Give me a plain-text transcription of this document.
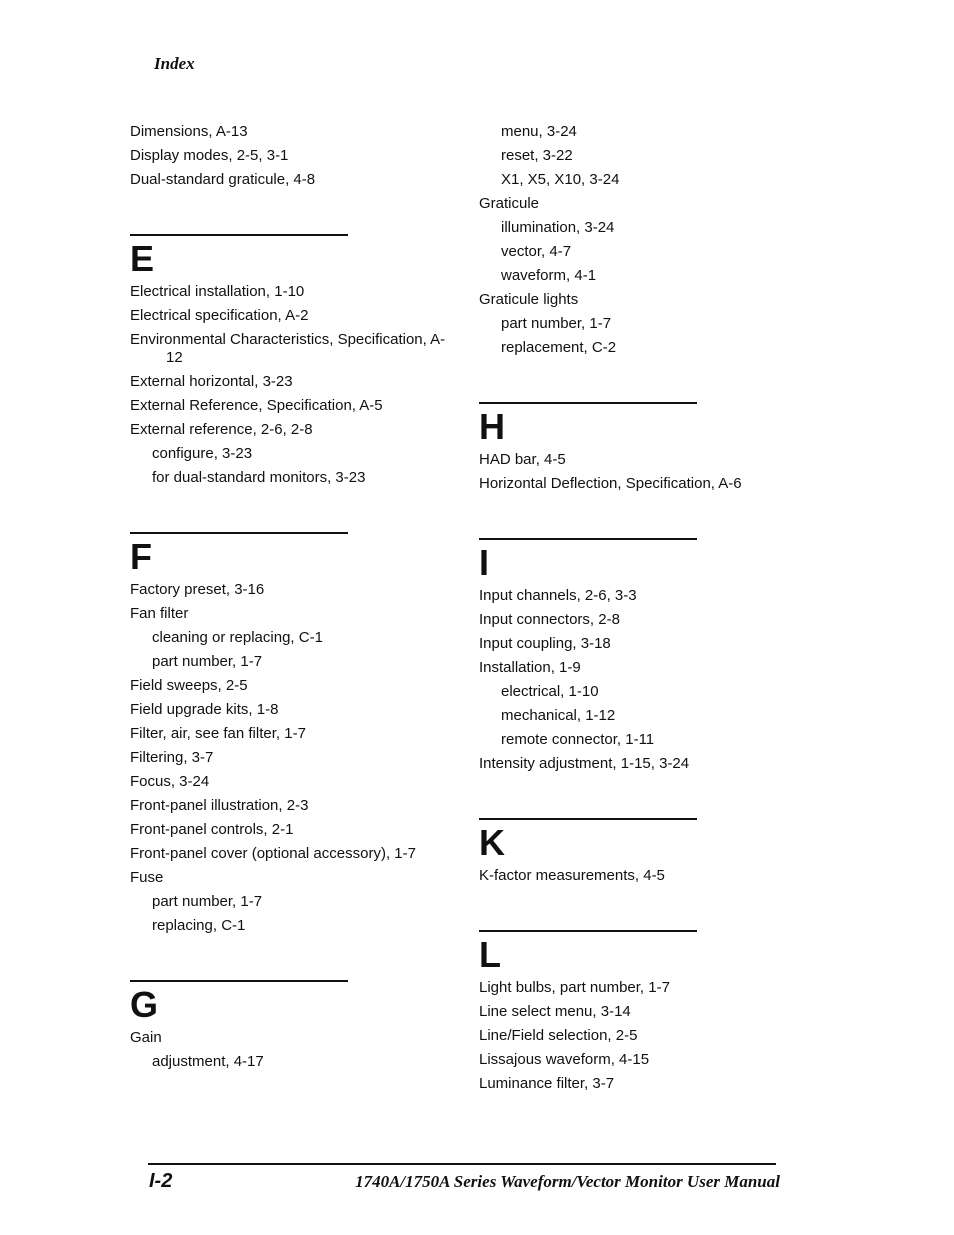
Index
Dimensions, A-13
Display modes, 2-5, 3-1
Dual-standard graticule, 4-8
E
Electrical installation, 1-10
Electrical specification, A-2
Environmental Characteristics, Specification, A-12
External horizontal, 3-23
External Reference, Specification, A-5
External reference, 2-6, 2-8
configure, 3-23
for dual-standard monitors, 3-23
F
Factory preset, 3-16
Fan filter
cleaning or replacing, C-1
part number, 1-7
Field sweeps, 2-5
Field upgrade kits, 1-8
Filter, air, see fan filter, 1-7
Filtering, 3-7
Focus, 3-24
Front-panel illustration, 2-3
Front-panel controls, 2-1
Front-panel cover (optional accessory), 1-7
Fuse
part number, 1-7
replacing, C-1
G
Gain
adjustment, 4-17
menu, 3-24
reset, 3-22
X1, X5, X10, 3-24
Graticule
illumination, 3-24
vector, 4-7
waveform, 4-1
Graticule lights
part number, 1-7
replacement, C-2
H
HAD bar, 4-5
Horizontal Deflection, Specification, A-6
I
Input channels, 2-6, 3-3
Input connectors, 2-8
Input coupling, 3-18
Installation, 1-9
electrical, 1-10
mechanical, 1-12
remote connector, 1-11
Intensity adjustment, 1-15, 3-24
K
K-factor measurements, 4-5
L
Light bulbs, part number, 1-7
Line select menu, 3-14
Line/Field selection, 2-5
Lissajous waveform, 4-15
Luminance filter, 3-7
I-2	1740A/1750A Series Waveform/Vector Monitor User Manual
